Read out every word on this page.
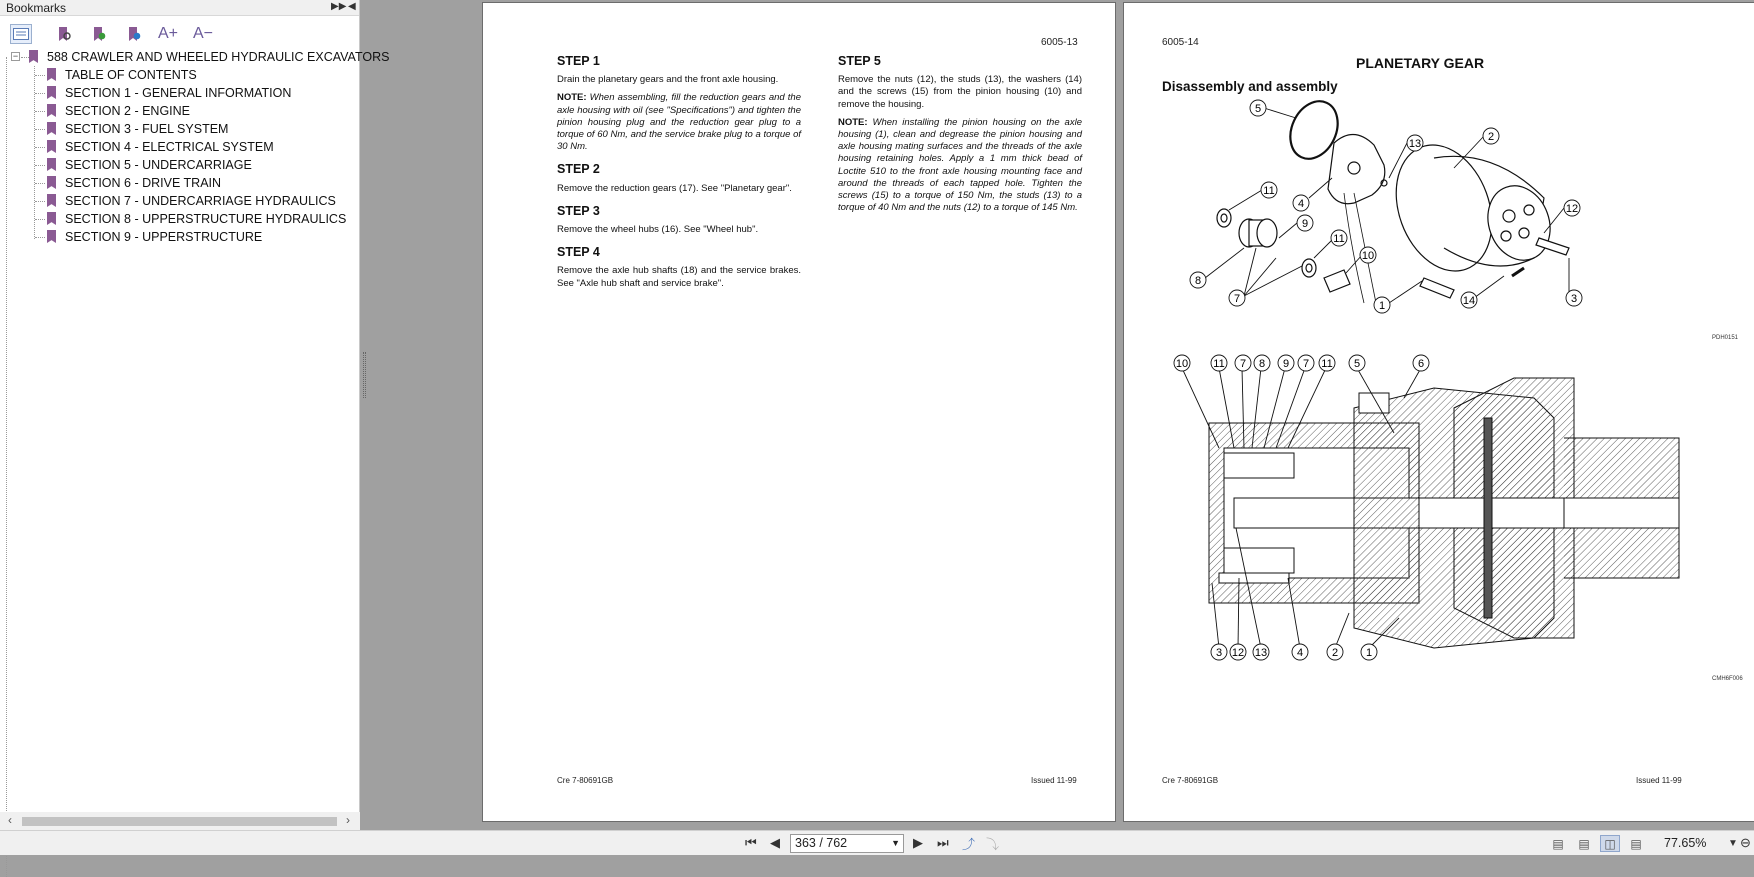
Bookmarks	▶▶ ◀
A+ A−
− 588 CRAWLER AND WHEELED HYDRAULIC EXCAVATORS
TABLE OF CONTENTS
SECTION 1 - GENERAL INFORMATION
SECTION 2 - ENGINE
SECTION 3 - FUEL SYSTEM
SECTION 4 - ELECTRICAL SYSTEM
SECTION 5 - UNDERCARRIAGE
SECTION 6 - DRIVE TRAIN
SECTION 7 - UNDERCARRIAGE HYDRAULICS
SECTION 8 - UPPERSTRUCTURE HYDRAULICS
SECTION 9 - UPPERSTRUCTURE
‹	›
6005-13
STEP 1

Drain the planetary gears and the front axle housing.

NOTE: When assembling, fill the reduction gears and the axle housing with oil (see "Specifications") and tighten the pinion housing plug and the reduction gear plug to a torque of 60 Nm, and the service brake plug to a torque of 30 Nm.

STEP 2

Remove the reduction gears (17). See "Planetary gear".

STEP 3

Remove the wheel hubs (16). See "Wheel hub".

STEP 4

Remove the axle hub shafts (18) and the service brakes. See "Axle hub shaft and service brake".

STEP 5

Remove the nuts (12), the studs (13), the washers (14) and the screws (15) from the pinion housing (10) and remove the housing.

NOTE: When installing the pinion housing on the axle housing (1), clean and degrease the pinion housing and axle housing mating surfaces and the threads of the axle housing retaining holes. Apply a 1 mm thick bead of Loctite 510 to the front axle housing mounting face and around the threads of each tapped hole. Tighten the screws (15) to a torque of 150 Nm, the studs (13) to a torque of 40 Nm and the nuts (12) to a torque of 145 Nm.

Cre 7-80691GB	Issued 11-99
6005-14
PLANETARY GEAR
Disassembly and assembly
5
13
2
11
4
9
12
11
10
8
7
1	14	3
PDH0151
10 11 7 8 9 7 11 5	6
3 12 13	4	2	1
CMH6F006
Cre 7-80691GB	Issued 11-99
⏮ ◀	363 / 762	▼ ▶ ⏭ ⤴ ⤵	▤	▤	◫	▤	77.65% ▼ ⊖
